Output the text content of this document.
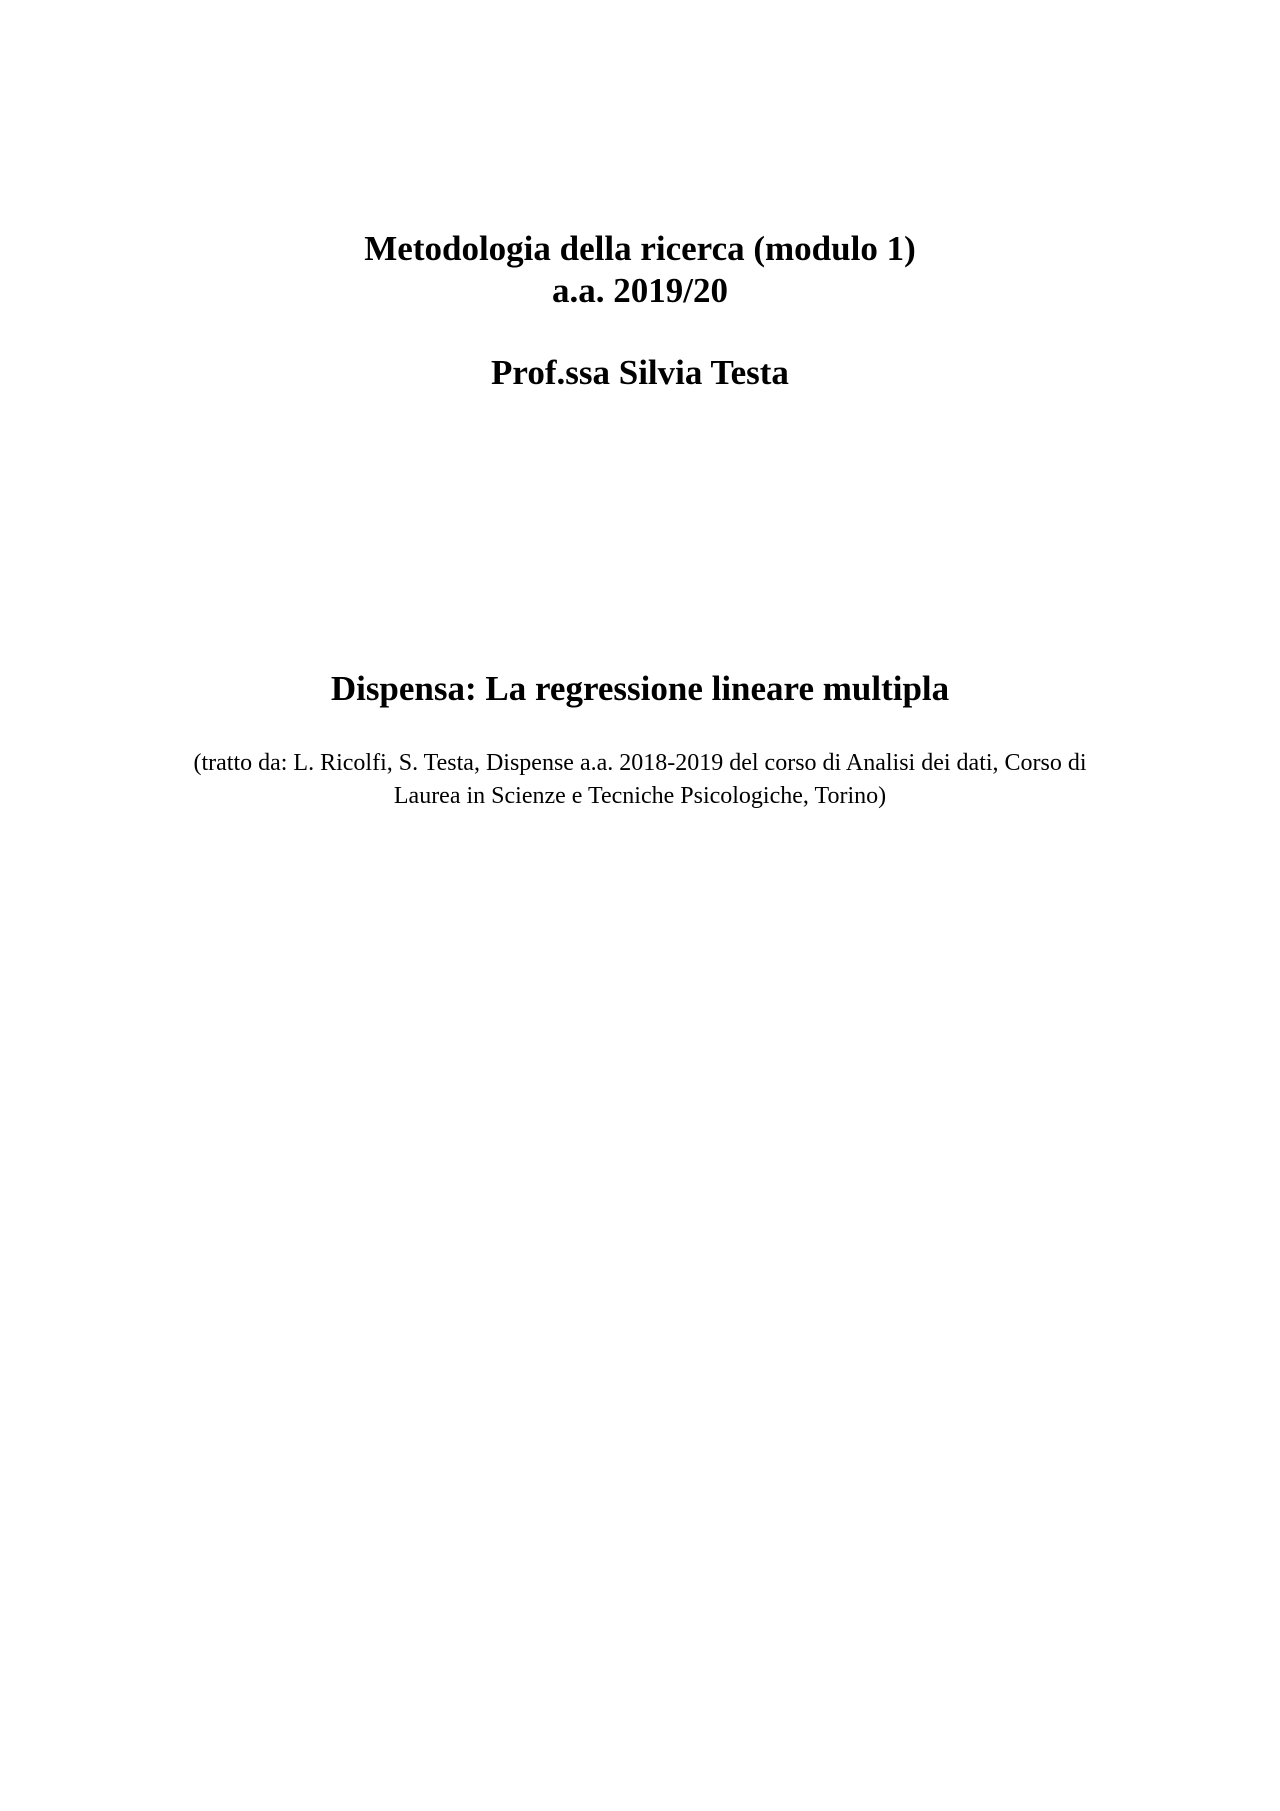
Metodologia della ricerca (modulo 1)
a.a. 2019/20
Prof.ssa Silvia Testa
Dispensa: La regressione lineare multipla
(tratto da: L. Ricolfi, S. Testa, Dispense a.a. 2018-2019 del corso di Analisi dei dati, Corso di
Laurea in Scienze e Tecniche Psicologiche, Torino)
